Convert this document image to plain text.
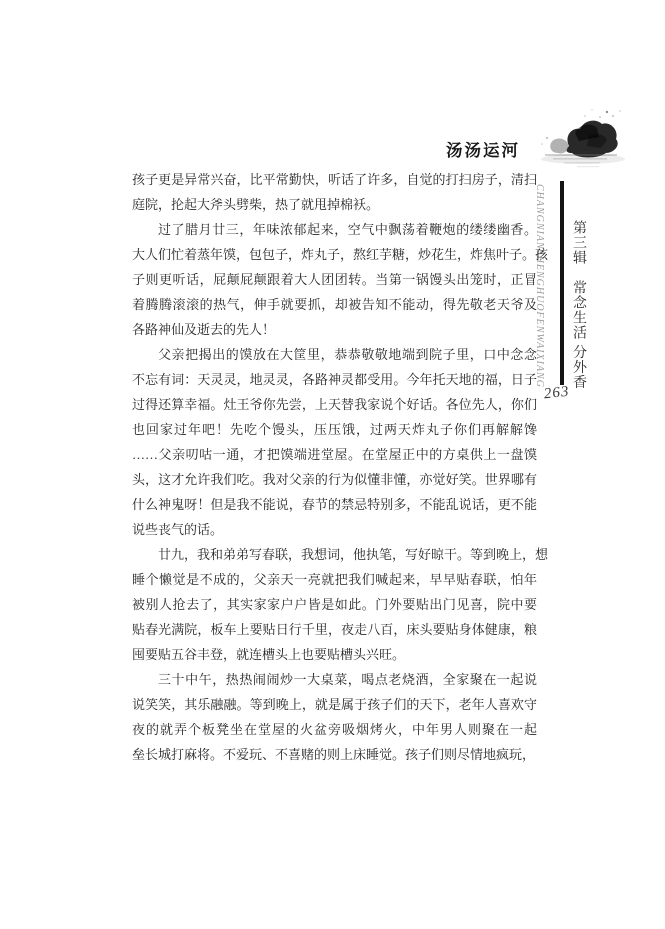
汤汤运河
CHANGNIANSHENGHUOFENWAIXIANG 第三辑　常念生活 分外香
263
孩子更是异常兴奋，比平常勤快，听话了许多，自觉的打扫房子，清扫
庭院，抡起大斧头劈柴，热了就甩掉棉袄。
过了腊月廿三，年味浓郁起来，空气中飘荡着鞭炮的缕缕幽香。
大人们忙着蒸年馍，包包子，炸丸子，熬红芋糖，炒花生，炸焦叶子。孩
子则更听话，屁颠屁颠跟着大人团团转。当第一锅馒头出笼时，正冒
着腾腾滚滚的热气，伸手就要抓，却被告知不能动，得先敬老天爷及
各路神仙及逝去的先人！
父亲把揭出的馍放在大筐里，恭恭敬敬地端到院子里，口中念念
不忘有词：天灵灵，地灵灵，各路神灵都受用。今年托天地的福，日子
过得还算幸福。灶王爷你先尝，上天替我家说个好话。各位先人，你们
也回家过年吧！先吃个馒头，压压饿，过两天炸丸子你们再解解馋
……父亲叨咕一通，才把馍端进堂屋。在堂屋正中的方桌供上一盘馍
头，这才允许我们吃。我对父亲的行为似懂非懂，亦觉好笑。世界哪有
什么神鬼呀！但是我不能说，春节的禁忌特别多，不能乱说话，更不能
说些丧气的话。
廿九，我和弟弟写春联，我想词，他执笔，写好晾干。等到晚上，想
睡个懒觉是不成的，父亲天一亮就把我们喊起来，早早贴春联，怕年
被别人抢去了，其实家家户户皆是如此。门外要贴出门见喜，院中要
贴春光满院，板车上要贴日行千里，夜走八百，床头要贴身体健康，粮
囤要贴五谷丰登，就连槽头上也要贴槽头兴旺。
三十中午，热热闹闹炒一大桌菜，喝点老烧酒，全家聚在一起说
说笑笑，其乐融融。等到晚上，就是属于孩子们的天下，老年人喜欢守
夜的就弄个板凳坐在堂屋的火盆旁吸烟烤火，中年男人则聚在一起
垒长城打麻将。不爱玩、不喜赌的则上床睡觉。孩子们则尽情地疯玩，
